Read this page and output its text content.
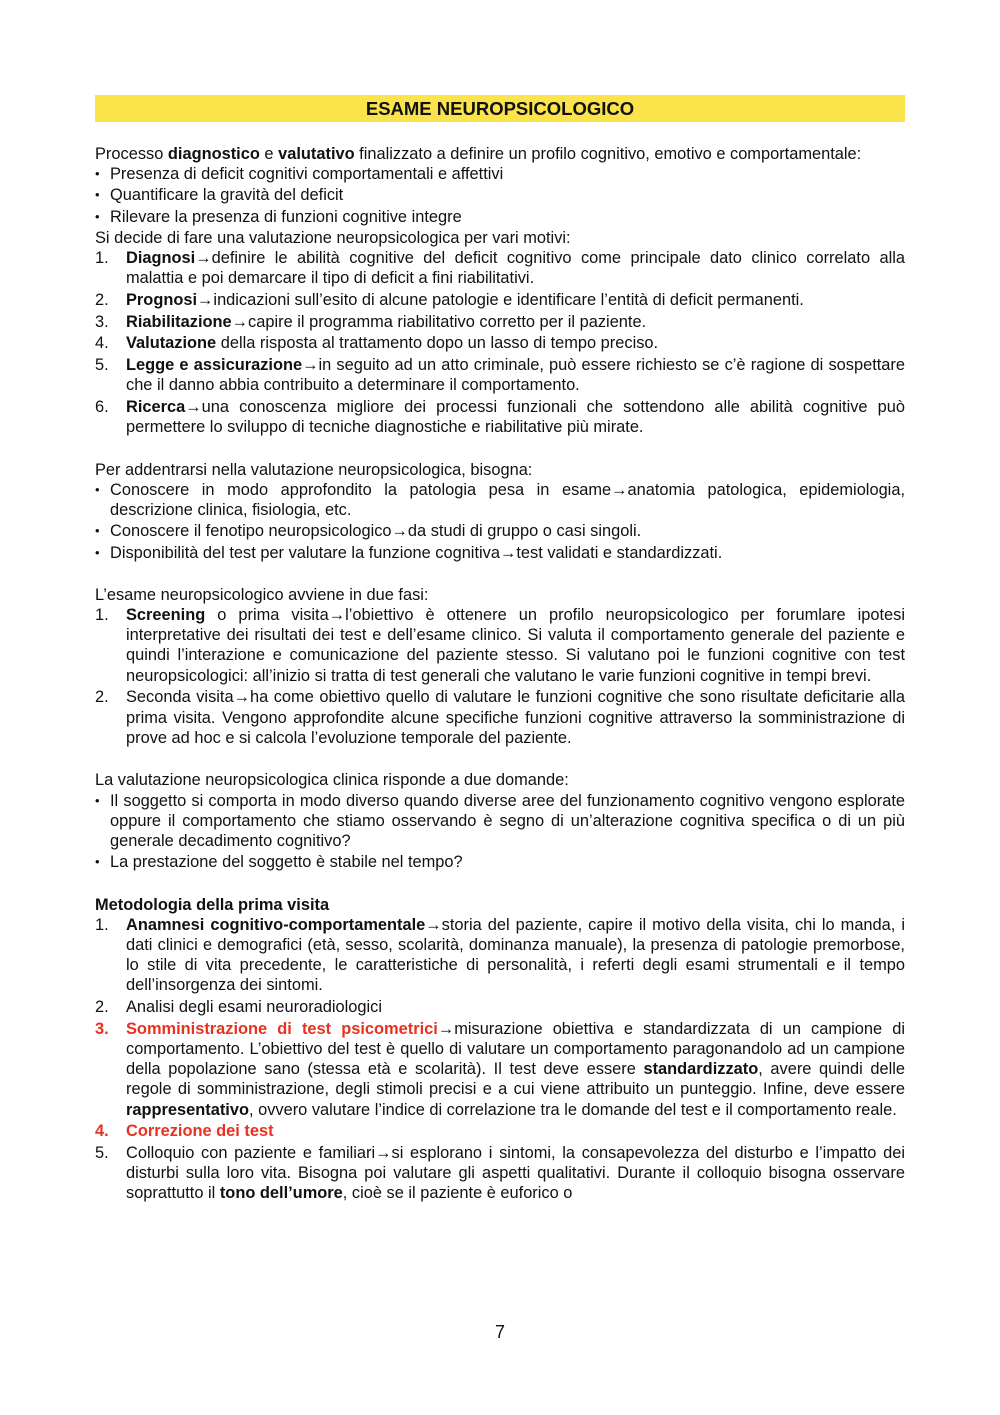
ESAME NEUROPSICOLOGICO

Processo diagnostico e valutativo finalizzato a definire un profilo cognitivo, emotivo e comportamentale:

• Presenza di deficit cognitivi comportamentali e affettivi
• Quantificare la gravità del deficit
• Rilevare la presenza di funzioni cognitive integre

Si decide di fare una valutazione neuropsicologica per vari motivi:

1. Diagnosi→definire le abilità cognitive del deficit cognitivo come principale dato clinico correlato alla malattia e poi demarcare il tipo di deficit a fini riabilitativi.
2. Prognosi→indicazioni sull’esito di alcune patologie e identificare l’entità di deficit permanenti.
3. Riabilitazione→capire il programma riabilitativo corretto per il paziente.
4. Valutazione della risposta al trattamento dopo un lasso di tempo preciso.
5. Legge e assicurazione→in seguito ad un atto criminale, può essere richiesto se c’è ragione di sospettare che il danno abbia contribuito a determinare il comportamento.
6. Ricerca→una conoscenza migliore dei processi funzionali che sottendono alle abilità cognitive può permettere lo sviluppo di tecniche diagnostiche e riabilitative più mirate.

Per addentrarsi nella valutazione neuropsicologica, bisogna:

• Conoscere in modo approfondito la patologia pesa in esame→anatomia patologica, epidemiologia, descrizione clinica, fisiologia, etc.
• Conoscere il fenotipo neuropsicologico→da studi di gruppo o casi singoli.
• Disponibilità del test per valutare la funzione cognitiva→test validati e standardizzati.

L’esame neuropsicologico avviene in due fasi:

1. Screening o prima visita→l’obiettivo è ottenere un profilo neuropsicologico per forumlare ipotesi interpretative dei risultati dei test e dell’esame clinico. Si valuta il comportamento generale del paziente e quindi l’interazione e comunicazione del paziente stesso. Si valutano poi le funzioni cognitive con test neuropsicologici: all’inizio si tratta di test generali che valutano le varie funzioni cognitive in tempi brevi.
2. Seconda visita→ha come obiettivo quello di valutare le funzioni cognitive che sono risultate deficitarie alla prima visita. Vengono approfondite alcune specifiche funzioni cognitive attraverso la somministrazione di prove ad hoc e si calcola l’evoluzione temporale del paziente.

La valutazione neuropsicologica clinica risponde a due domande:

• Il soggetto si comporta in modo diverso quando diverse aree del funzionamento cognitivo vengono esplorate oppure il comportamento che stiamo osservando è segno di un’alterazione cognitiva specifica o di un più generale decadimento cognitivo?
• La prestazione del soggetto è stabile nel tempo?

Metodologia della prima visita

1. Anamnesi cognitivo-comportamentale→storia del paziente, capire il motivo della visita, chi lo manda, i dati clinici e demografici (età, sesso, scolarità, dominanza manuale), la presenza di patologie premorbose, lo stile di vita precedente, le caratteristiche di personalità, i referti degli esami strumentali e il tempo dell’insorgenza dei sintomi.
2. Analisi degli esami neuroradiologici
3. Somministrazione di test psicometrici→misurazione obiettiva e standardizzata di un campione di comportamento. L’obiettivo del test è quello di valutare un comportamento paragonandolo ad un campione della popolazione sano (stessa età e scolarità). Il test deve essere standardizzato, avere quindi delle regole di somministrazione, degli stimoli precisi e a cui viene attribuito un punteggio. Infine, deve essere rappresentativo, ovvero valutare l’indice di correlazione tra le domande del test e il comportamento reale.
4. Correzione dei test
5. Colloquio con paziente e familiari→si esplorano i sintomi, la consapevolezza del disturbo e l’impatto dei disturbi sulla loro vita. Bisogna poi valutare gli aspetti qualitativi. Durante il colloquio bisogna osservare soprattutto il tono dell’umore, cioè se il paziente è euforico o
7
